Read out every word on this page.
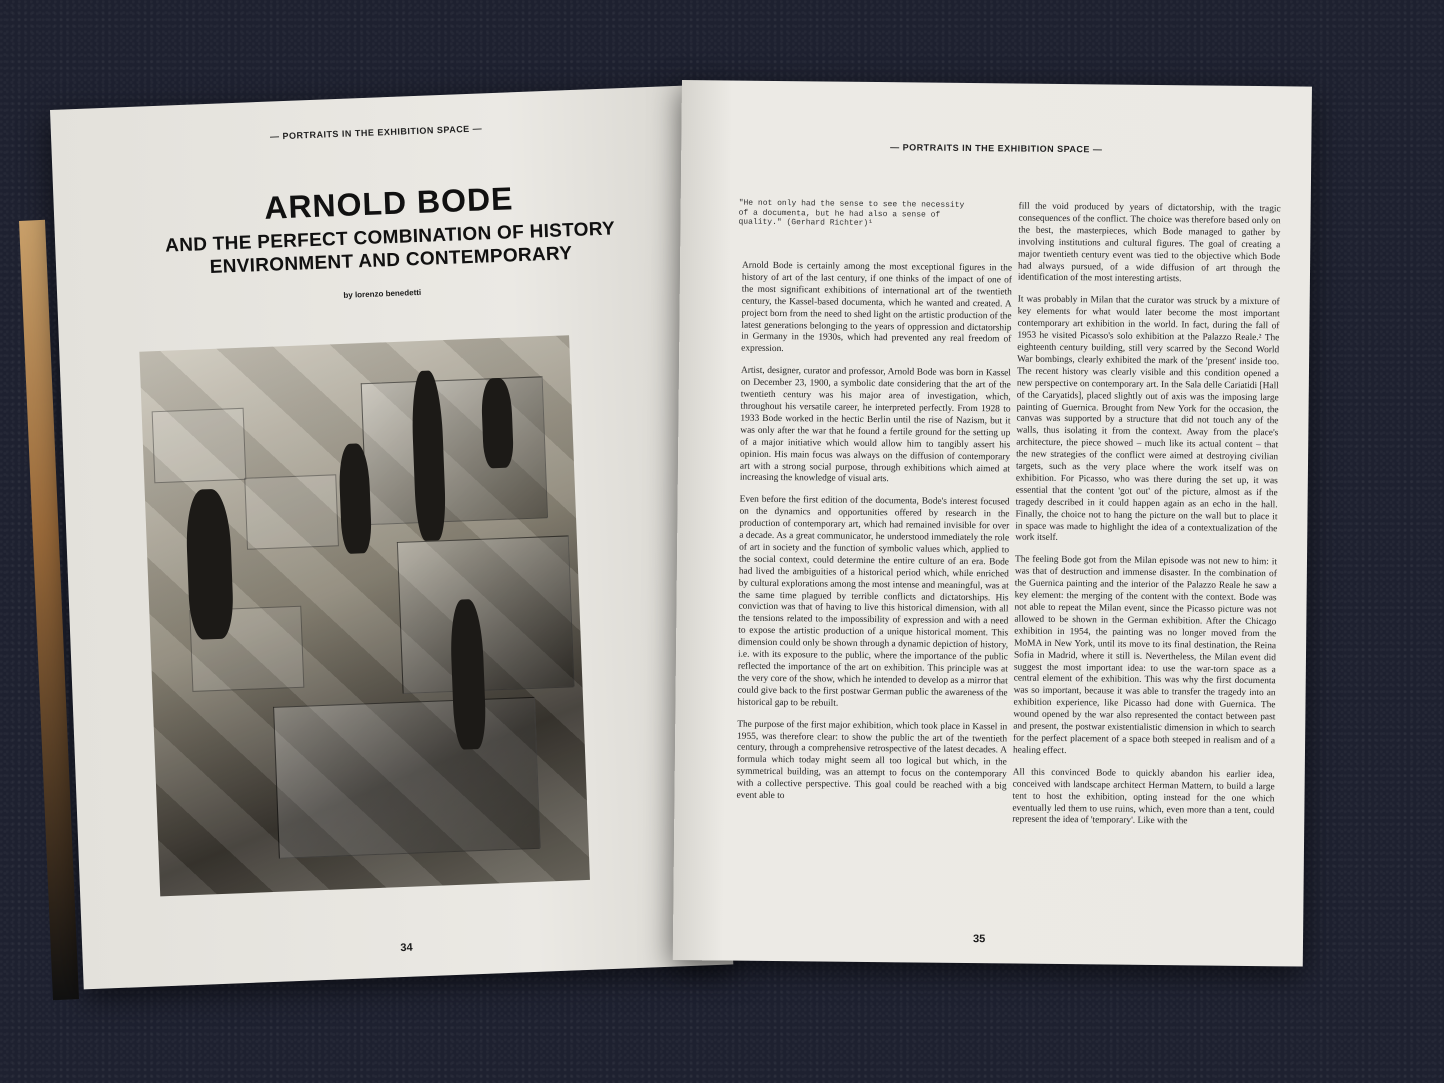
— PORTRAITS IN THE EXHIBITION SPACE —
ARNOLD BODE
AND THE PERFECT COMBINATION OF HISTORY ENVIRONMENT AND CONTEMPORARY
by lorenzo benedetti
34
— PORTRAITS IN THE EXHIBITION SPACE —
"He not only had the sense to see the necessity of a documenta, but he had also a sense of quality." (Gerhard Richter)¹

Arnold Bode is certainly among the most exceptional figures in the history of art of the last century, if one thinks of the impact of one of the most significant exhibitions of international art of the twentieth century, the Kassel-based documenta, which he wanted and created. A project born from the need to shed light on the artistic production of the latest generations belonging to the years of oppression and dictatorship in Germany in the 1930s, which had prevented any real freedom of expression.

Artist, designer, curator and professor, Arnold Bode was born in Kassel on December 23, 1900, a symbolic date considering that the art of the twentieth century was his major area of investigation, which, throughout his versatile career, he interpreted perfectly. From 1928 to 1933 Bode worked in the hectic Berlin until the rise of Nazism, but it was only after the war that he found a fertile ground for the setting up of a major initiative which would allow him to tangibly assert his opinion. His main focus was always on the diffusion of contemporary art with a strong social purpose, through exhibitions which aimed at increasing the knowledge of visual arts.

Even before the first edition of the documenta, Bode's interest focused on the dynamics and opportunities offered by research in the production of contemporary art, which had remained invisible for over a decade. As a great communicator, he understood immediately the role of art in society and the function of symbolic values which, applied to the social context, could determine the entire culture of an era. Bode had lived the ambiguities of a historical period which, while enriched by cultural explorations among the most intense and meaningful, was at the same time plagued by terrible conflicts and dictatorships. His conviction was that of having to live this historical dimension, with all the tensions related to the impossibility of expression and with a need to expose the artistic production of a unique historical moment. This dimension could only be shown through a dynamic depiction of history, i.e. with its exposure to the public, where the importance of the public reflected the importance of the art on exhibition. This principle was at the very core of the show, which he intended to develop as a mirror that could give back to the first postwar German public the awareness of the historical gap to be rebuilt.

The purpose of the first major exhibition, which took place in Kassel in 1955, was therefore clear: to show the public the art of the twentieth century, through a comprehensive retrospective of the latest decades. A formula which today might seem all too logical but which, in the symmetrical building, was an attempt to focus on the contemporary with a collective perspective. This goal could be reached with a big event able to

fill the void produced by years of dictatorship, with the tragic consequences of the conflict. The choice was therefore based only on the best, the masterpieces, which Bode managed to gather by involving institutions and cultural figures. The goal of creating a major twentieth century event was tied to the objective which Bode had always pursued, of a wide diffusion of art through the identification of the most interesting artists.

It was probably in Milan that the curator was struck by a mixture of key elements for what would later become the most important contemporary art exhibition in the world. In fact, during the fall of 1953 he visited Picasso's solo exhibition at the Palazzo Reale.² The eighteenth century building, still very scarred by the Second World War bombings, clearly exhibited the mark of the 'present' inside too. The recent history was clearly visible and this condition opened a new perspective on contemporary art. In the Sala delle Cariatidi [Hall of the Caryatids], placed slightly out of axis was the imposing large painting of Guernica. Brought from New York for the occasion, the canvas was supported by a structure that did not touch any of the walls, thus isolating it from the context. Away from the place's architecture, the piece showed – much like its actual content – that the new strategies of the conflict were aimed at destroying civilian targets, such as the very place where the work itself was on exhibition. For Picasso, who was there during the set up, it was essential that the content 'got out' of the picture, almost as if the tragedy described in it could happen again as an echo in the hall. Finally, the choice not to hang the picture on the wall but to place it in space was made to highlight the idea of a contextualization of the work itself.

The feeling Bode got from the Milan episode was not new to him: it was that of destruction and immense disaster. In the combination of the Guernica painting and the interior of the Palazzo Reale he saw a key element: the merging of the content with the context. Bode was not able to repeat the Milan event, since the Picasso picture was not allowed to be shown in the German exhibition. After the Chicago exhibition in 1954, the painting was no longer moved from the MoMA in New York, until its move to its final destination, the Reina Sofia in Madrid, where it still is. Nevertheless, the Milan event did suggest the most important idea: to use the war-torn space as a central element of the exhibition. This was why the first documenta was so important, because it was able to transfer the tragedy into an exhibition experience, like Picasso had done with Guernica. The wound opened by the war also represented the contact between past and present, the postwar existentialistic dimension in which to search for the perfect placement of a space both steeped in realism and of a healing effect.

All this convinced Bode to quickly abandon his earlier idea, conceived with landscape architect Herman Mattern, to build a large tent to host the exhibition, opting instead for the one which eventually led them to use ruins, which, even more than a tent, could represent the idea of 'temporary'. Like with the

35
